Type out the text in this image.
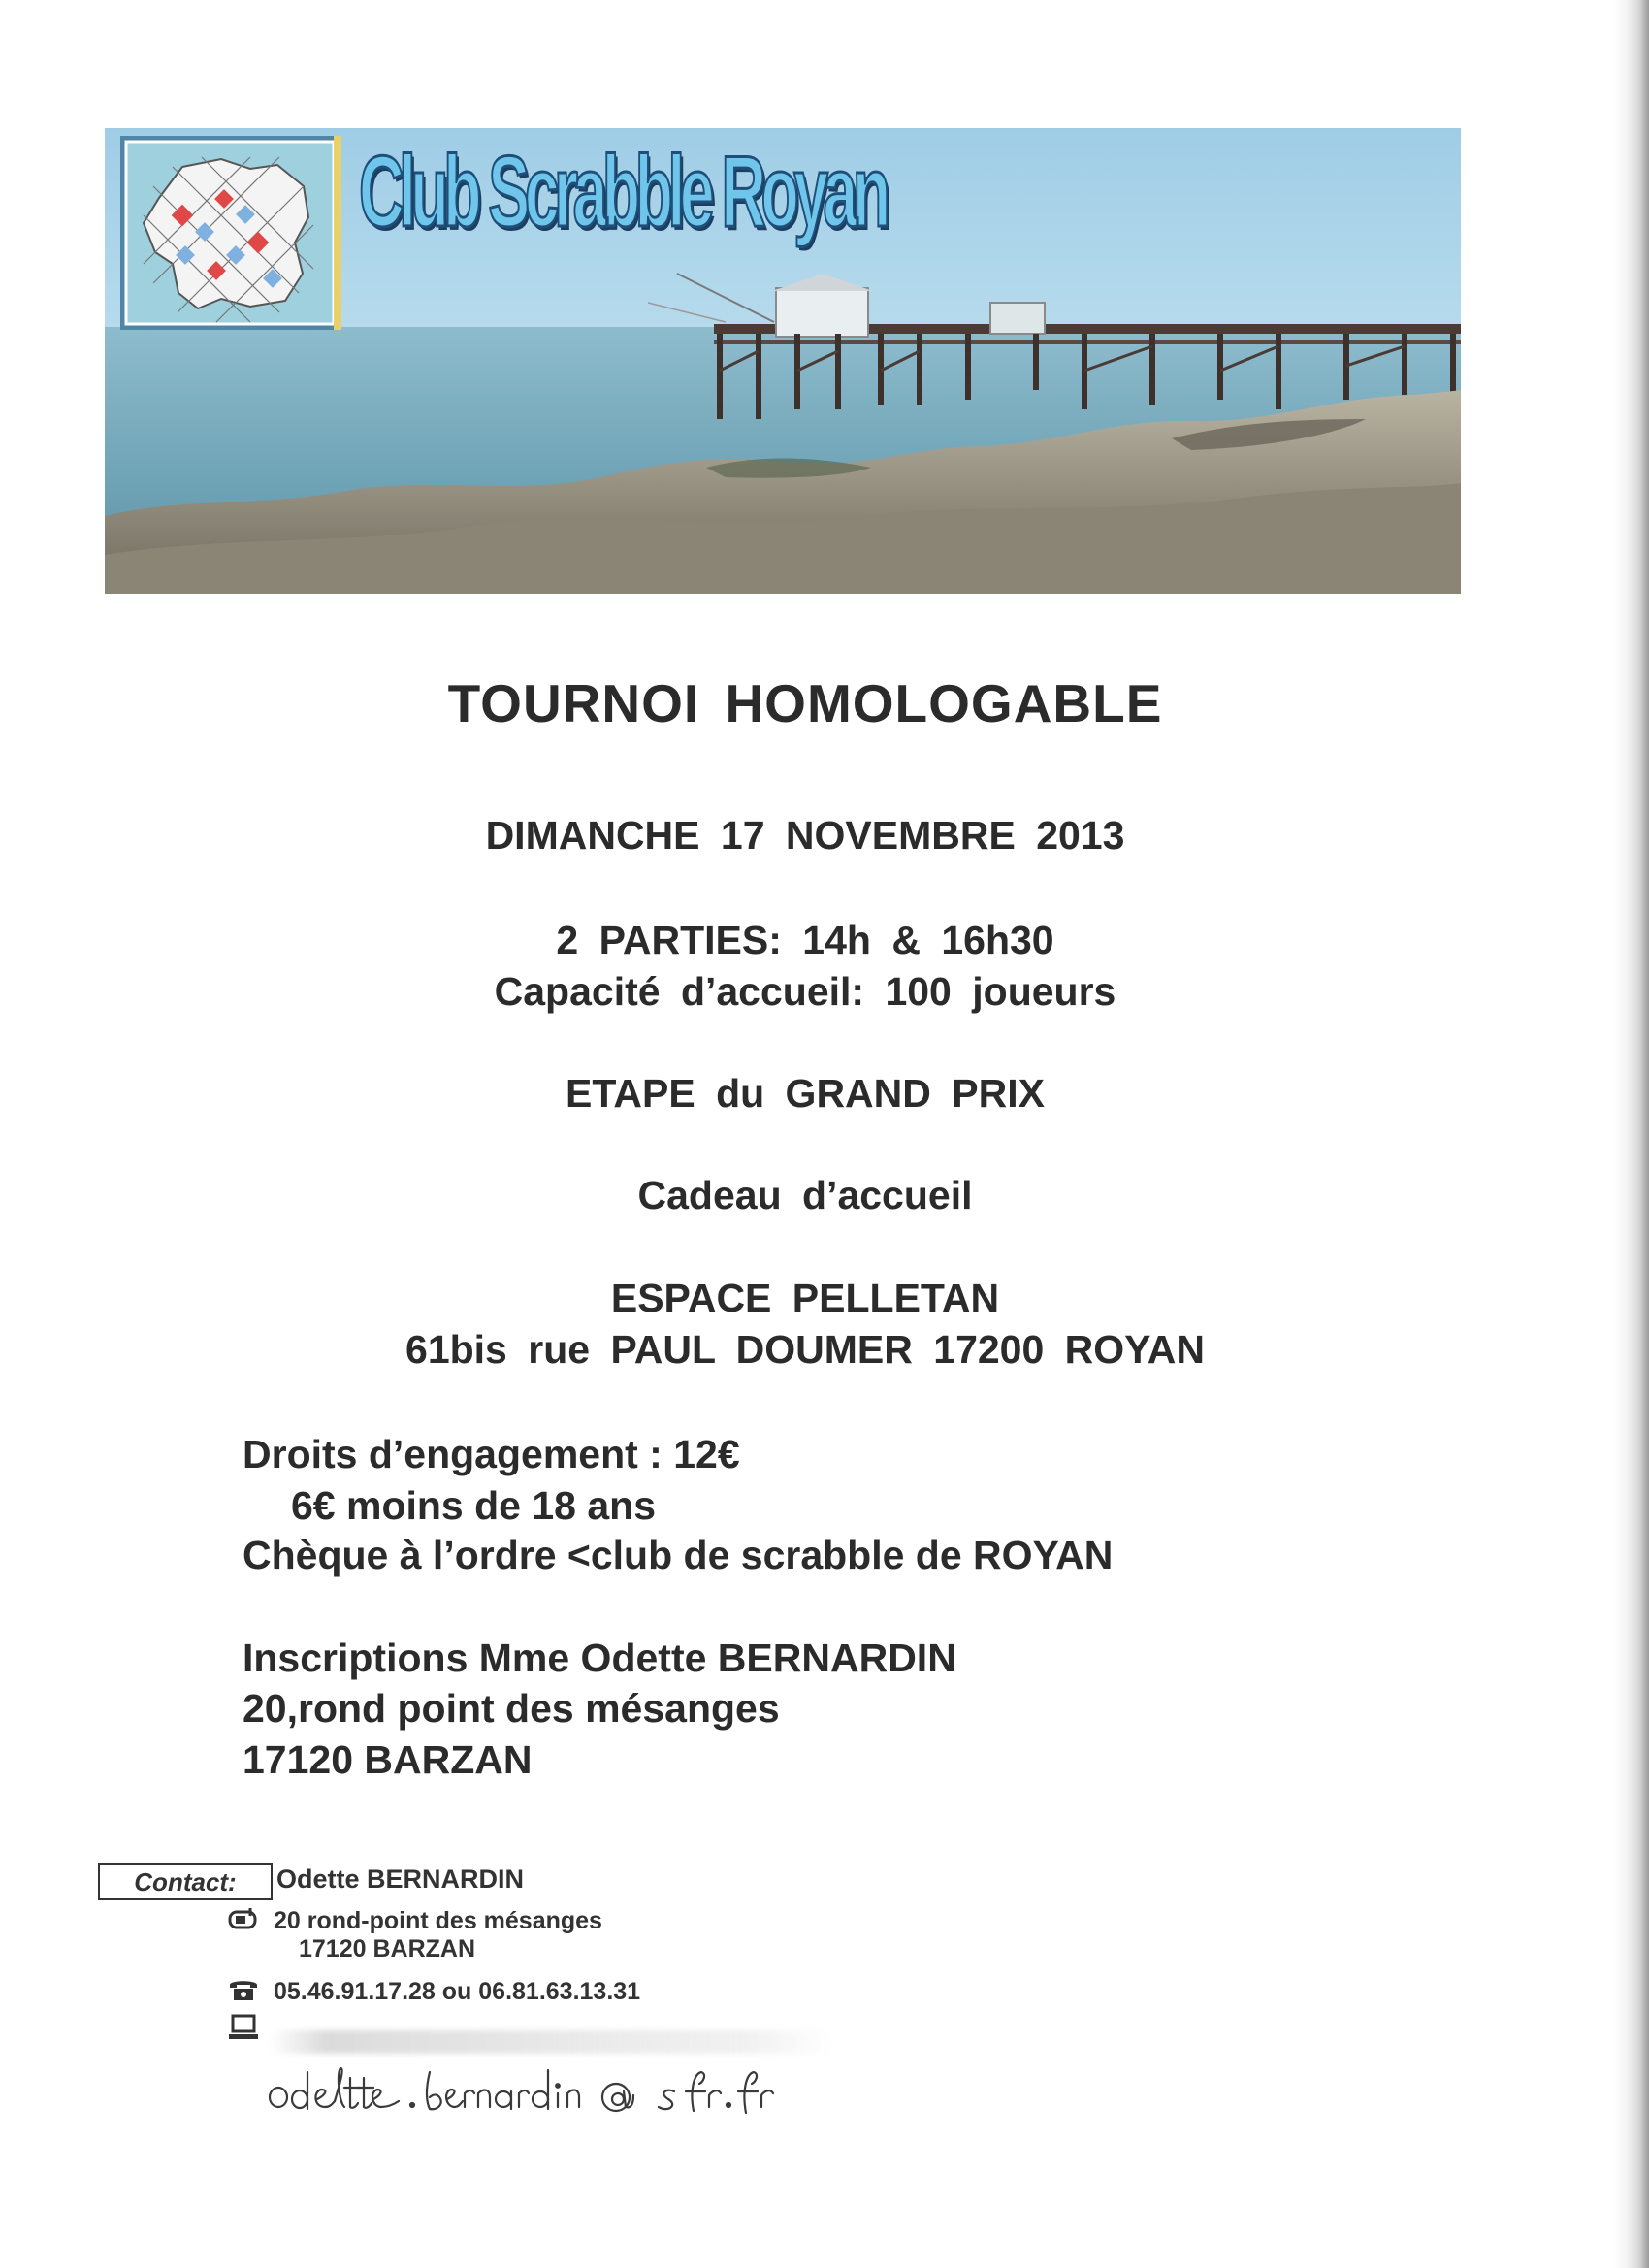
Club Scrabble Royan
TOURNOI HOMOLOGABLE
DIMANCHE 17 NOVEMBRE 2013
2 PARTIES: 14h & 16h30
Capacité d’accueil: 100 joueurs
ETAPE du GRAND PRIX
Cadeau d’accueil
ESPACE PELLETAN
61bis rue PAUL DOUMER 17200 ROYAN
Droits d’engagement : 12€
6€ moins de 18 ans
Chèque à l’ordre <club de scrabble de ROYAN
Inscriptions Mme Odette BERNARDIN
20,rond point des mésanges
17120 BARZAN
Contact:	Odette BERNARDIN
20 rond-point des mésanges
17120 BARZAN
05.46.91.17.28 ou 06.81.63.13.31
